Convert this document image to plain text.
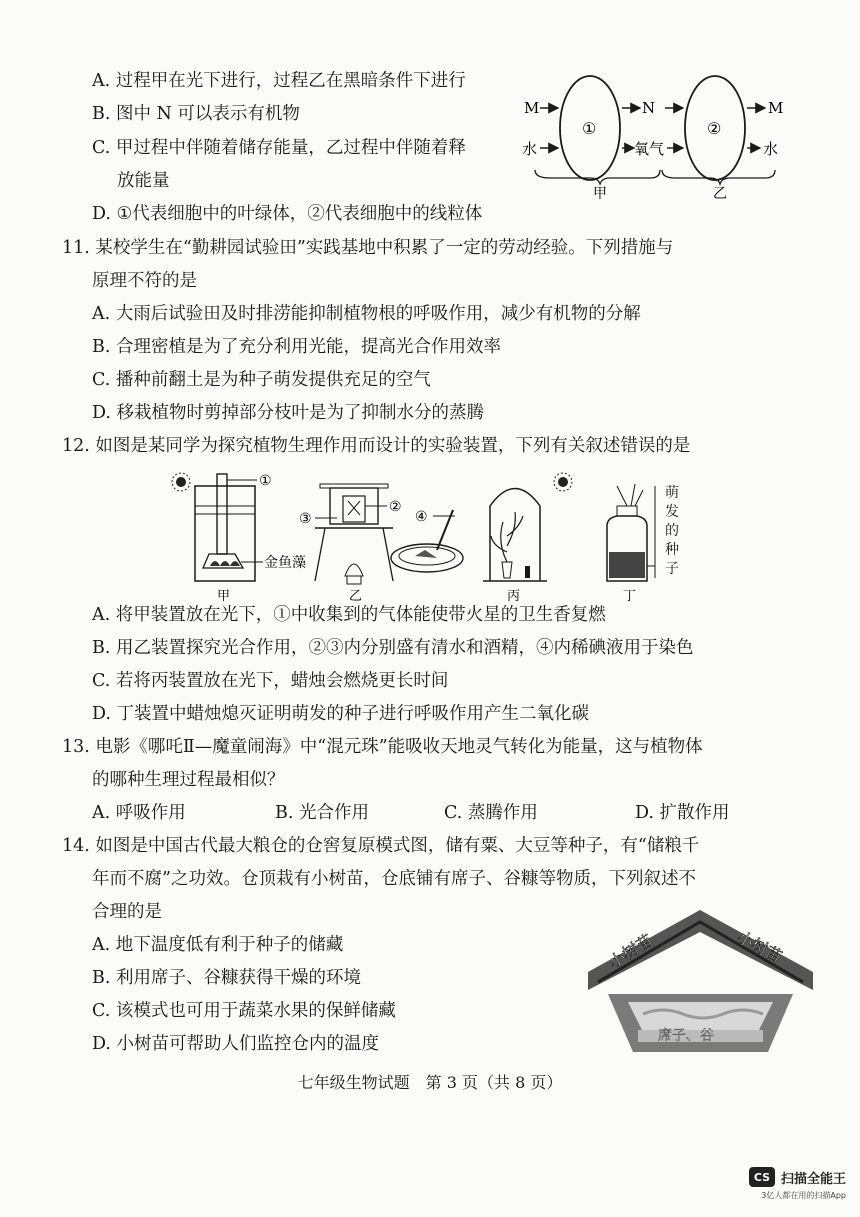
A. 过程甲在光下进行，过程乙在黑暗条件下进行
B. 图中 N 可以表示有机物
C. 甲过程中伴随着储存能量，乙过程中伴随着释
放能量
D. ①代表细胞中的叶绿体，②代表细胞中的线粒体
M	N	M
水	氧气	水
①	②
甲	乙
11. 某校学生在“勤耕园试验田”实践基地中积累了一定的劳动经验。下列措施与
原理不符的是
A. 大雨后试验田及时排涝能抑制植物根的呼吸作用，减少有机物的分解
B. 合理密植是为了充分利用光能，提高光合作用效率
C. 播种前翻土是为种子萌发提供充足的空气
D. 移栽植物时剪掉部分枝叶是为了抑制水分的蒸腾
12. 如图是某同学为探究植物生理作用而设计的实验装置，下列有关叙述错误的是
①
金鱼藻
甲
②
③
乙
④
丙	丁
萌发的种子
A. 将甲装置放在光下，①中收集到的气体能使带火星的卫生香复燃
B. 用乙装置探究光合作用，②③内分别盛有清水和酒精，④内稀碘液用于染色
C. 若将丙装置放在光下，蜡烛会燃烧更长时间
D. 丁装置中蜡烛熄灭证明萌发的种子进行呼吸作用产生二氧化碳
13. 电影《哪吒Ⅱ—魔童闹海》中“混元珠”能吸收天地灵气转化为能量，这与植物体
的哪种生理过程最相似？
A. 呼吸作用	B. 光合作用	C. 蒸腾作用	D. 扩散作用
14. 如图是中国古代最大粮仓的仓窖复原模式图，储有粟、大豆等种子，有“储粮千
年而不腐”之功效。仓顶栽有小树苗，仓底铺有席子、谷糠等物质，下列叙述不
合理的是
A. 地下温度低有利于种子的储藏
B. 利用席子、谷糠获得干燥的环境
C. 该模式也可用于蔬菜水果的保鲜储藏
D. 小树苗可帮助人们监控仓内的温度
小树苗	小树苗
席子、谷
七年级生物试题　第 3 页（共 8 页）
CS 扫描全能王
3亿人都在用的扫描App
